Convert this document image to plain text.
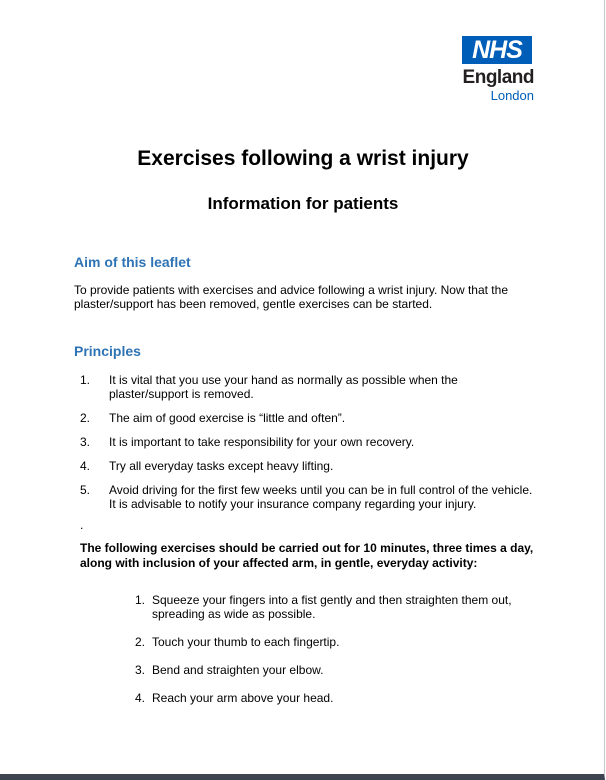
NHS
England
London
Exercises following a wrist injury
Information for patients
Aim of this leaflet

To provide patients with exercises and advice following a wrist injury. Now that the plaster/support has been removed, gentle exercises can be started.

Principles
1. It is vital that you use your hand as normally as possible when the plaster/support is removed.
2. The aim of good exercise is “little and often”.
3. It is important to take responsibility for your own recovery.
4. Try all everyday tasks except heavy lifting.
5. Avoid driving for the first few weeks until you can be in full control of the vehicle. It is advisable to notify your insurance company regarding your injury.
.

The following exercises should be carried out for 10 minutes, three times a day, along with inclusion of your affected arm, in gentle, everyday activity:

1. Squeeze your fingers into a fist gently and then straighten them out, spreading as wide as possible.
2. Touch your thumb to each fingertip.
3. Bend and straighten your elbow.
4. Reach your arm above your head.
